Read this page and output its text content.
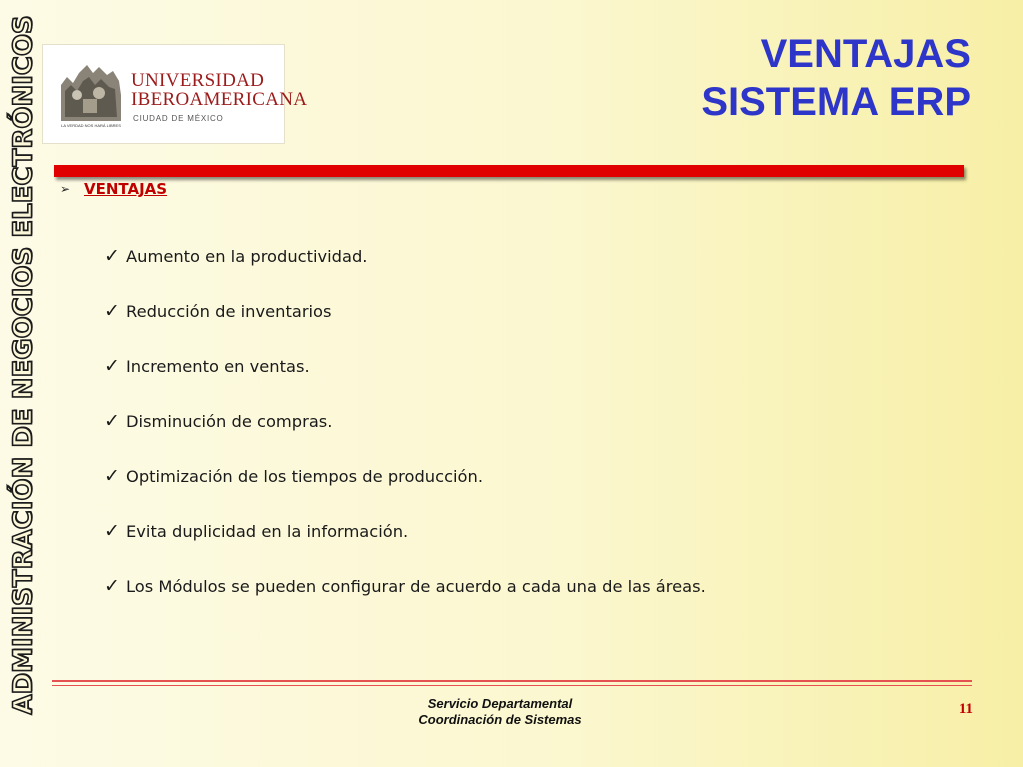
ADMINISTRACIÓN DE NEGOCIOS ELECTRÓNICOS	LA VERDAD NOS HARÁ LIBRES
UNIVERSIDAD
IBEROAMERICANA
CIUDAD DE MÉXICO
VENTAJAS
SISTEMA ERP
➢ VENTAJAS
✓ Aumento en la productividad.
✓ Reducción de inventarios
✓ Incremento en ventas.
✓ Disminución de compras.
✓ Optimización de los tiempos de producción.
✓ Evita duplicidad en la información.
✓ Los Módulos se pueden configurar de acuerdo a cada una de las áreas.
Servicio Departamental
Coordinación de Sistemas
11
